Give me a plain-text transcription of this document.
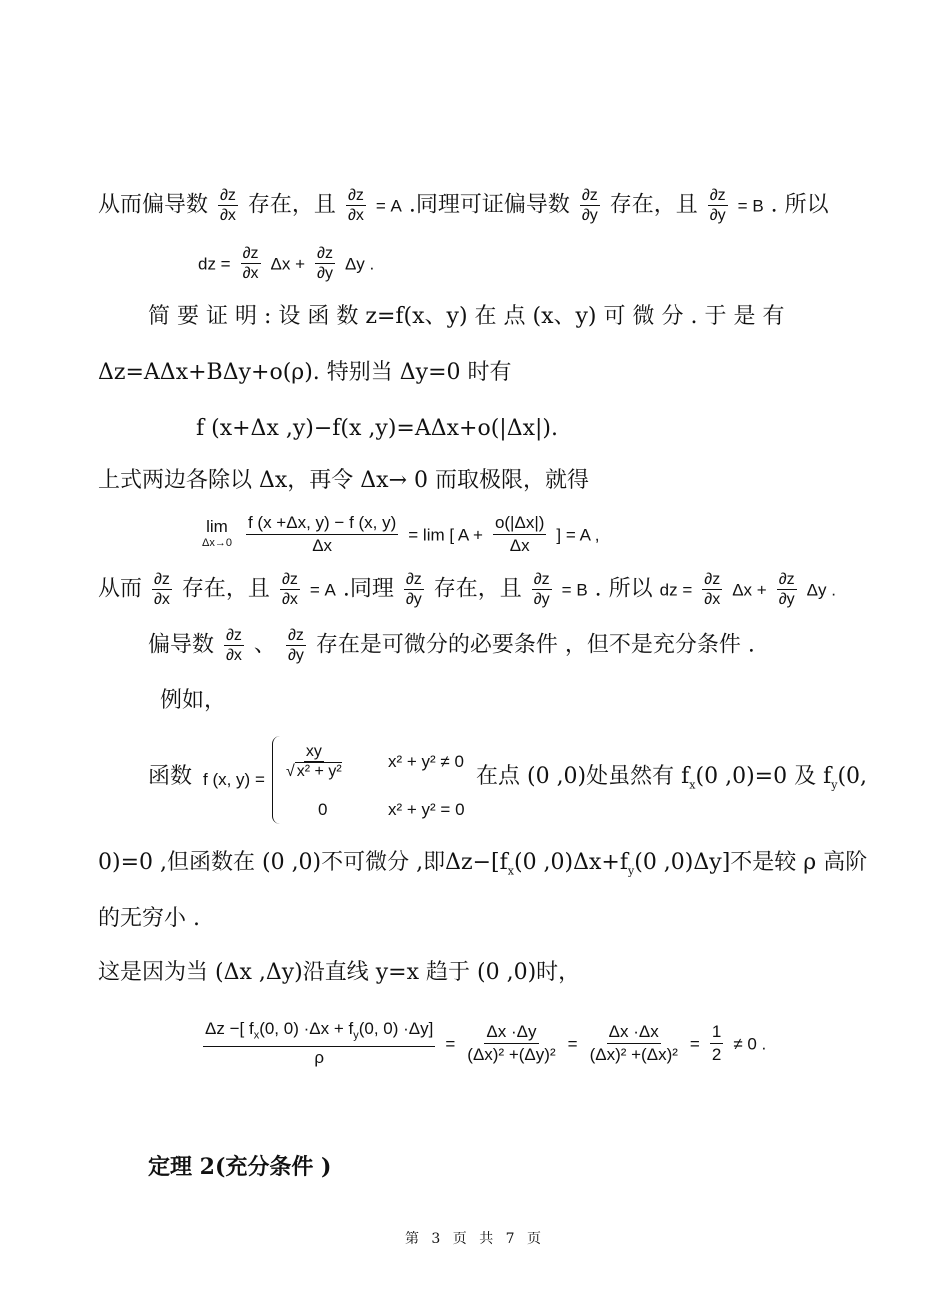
从而偏导数 $\frac{\partial z}{\partial x}$ 存在，且 $\frac{\partial z}{\partial x} = A$ .同理可证偏导数 $\frac{\partial z}{\partial y}$ 存在，且 $\frac{\partial z}{\partial y} = B$ . 所以
dz = $\frac{\partial z}{\partial x}$ $\Delta x + \frac{\partial z}{\partial y}$ Δy .
简 要 证 明 : 设 函 数 z=f(x、y) 在 点 (x、y) 可 微 分 . 于 是 有
Δz=AΔx+BΔy+o(ρ). 特别当 Δy=0 时有
f (x+Δx ,y)−f(x ,y)=AΔx+o(|Δx|).
上式两边各除以 Δx，再令 Δx→ 0 而取极限，就得
lim
Δx→0
$\frac{f (x +\Delta x, y) - f (x, y)}{\Delta x} = \lim$ [ $A + \frac{o(|\Delta x|)}{\Delta x}$ ] = A ,
从而 $\frac{\partial z}{\partial x}$ 存在，且 $\frac{\partial z}{\partial x} = A$ .同理 $\frac{\partial z}{\partial y}$ 存在，且 $\frac{\partial z}{\partial y} = B$ . 所以 dz = $\frac{\partial z}{\partial x}$ $\Delta x + \frac{\partial z}{\partial y}$ Δy .
偏导数 $\frac{\partial z}{\partial x}$ 、 $\frac{\partial z}{\partial y}$ 存在是可微分的必要条件 ，但不是充分条件 .
例如，
函数 f (x, $y) = \frac{xy}{\text{√ x² + y²}}$	x² + y² ≠ 0
0	x² + y² = 0
在点 (0 ,0)处虽然有 $f_x(0$ ,0)=0 及 $f_y(0$,
0)=0 ,但函数在 (0 ,0)不可微分 ,即$\Delta z-[f_x(0$ $,0)\Delta x+f_y(0$ ,0)Δy]不是较 ρ 高阶
的无穷小 .
这是因为当 (Δx ,Δy)沿直线 y=x 趋于 (0 ,0)时，
$\frac{\Delta z -[ f_x(0, 0) \cdot\Delta x + f_y(0, 0) \cdot\Delta y]}{\rho} = \frac{\Delta x \cdot\Delta y}{\text{(Δx)² +(Δy)²}} = \frac{\Delta x \cdot\Delta x}{\text{(Δx)² +(Δx)²}} = \frac{1}{2} \ne 0$ .
定理 2(充分条件 )
第 3 页 共 7 页
